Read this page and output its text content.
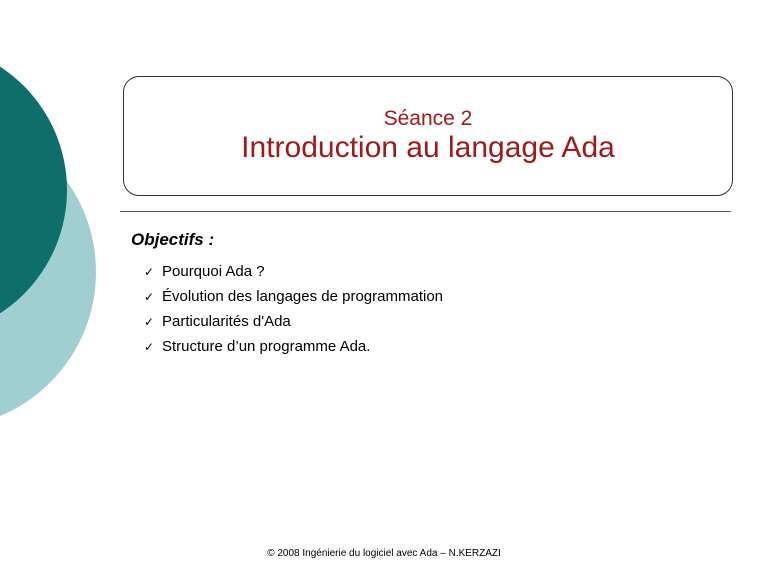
Séance 2
Introduction au langage Ada
Objectifs :
✓ Pourquoi Ada ?
✓ Évolution des langages de programmation
✓ Particularités d'Ada
✓ Structure d’un programme Ada.
© 2008 Ingénierie du logiciel avec Ada – N.KERZAZI
